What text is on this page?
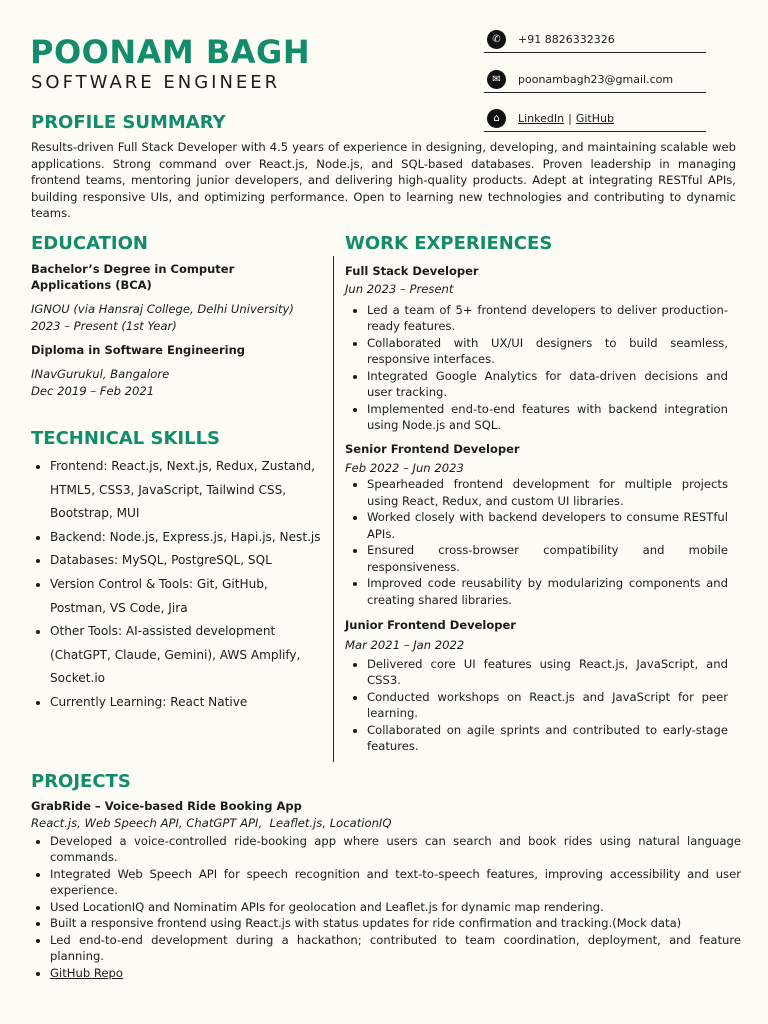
POONAM BAGH
SOFTWARE ENGINEER
✆	+91 8826332326
✉	poonambagh23@gmail.com
⌂	LinkedIn | GitHub
PROFILE SUMMARY
Results-driven Full Stack Developer with 4.5 years of experience in designing, developing, and maintaining scalable web applications. Strong command over React.js, Node.js, and SQL-based databases. Proven leadership in managing frontend teams, mentoring junior developers, and delivering high-quality products. Adept at integrating RESTful APIs, building responsive UIs, and optimizing performance. Open to learning new technologies and contributing to dynamic teams.
EDUCATION
Bachelor’s Degree in Computer Applications (BCA)
IGNOU (via Hansraj College, Delhi University)
2023 – Present (1st Year)
Diploma in Software Engineering
INavGurukul, Bangalore
Dec 2019 – Feb 2021
TECHNICAL SKILLS
• Frontend: React.js, Next.js, Redux, Zustand, HTML5, CSS3, JavaScript, Tailwind CSS, Bootstrap, MUI
• Backend: Node.js, Express.js, Hapi.js, Nest.js
• Databases: MySQL, PostgreSQL, SQL
• Version Control & Tools: Git, GitHub, Postman, VS Code, Jira
• Other Tools: AI-assisted development (ChatGPT, Claude, Gemini), AWS Amplify, Socket.io
• Currently Learning: React Native
WORK EXPERIENCES
Full Stack Developer
Jun 2023 – Present
• Led a team of 5+ frontend developers to deliver production-ready features.
• Collaborated with UX/UI designers to build seamless, responsive interfaces.
• Integrated Google Analytics for data-driven decisions and user tracking.
• Implemented end-to-end features with backend integration using Node.js and SQL.
Senior Frontend Developer
Feb 2022 – Jun 2023
• Spearheaded frontend development for multiple projects using React, Redux, and custom UI libraries.
• Worked closely with backend developers to consume RESTful APIs.
• Ensured cross-browser compatibility and mobile responsiveness.
• Improved code reusability by modularizing components and creating shared libraries.
Junior Frontend Developer
Mar 2021 – Jan 2022
• Delivered core UI features using React.js, JavaScript, and CSS3.
• Conducted workshops on React.js and JavaScript for peer learning.
• Collaborated on agile sprints and contributed to early-stage features.
PROJECTS
GrabRide – Voice-based Ride Booking App
React.js, Web Speech API, ChatGPT API,  Leaflet.js, LocationIQ
• Developed a voice-controlled ride-booking app where users can search and book rides using natural language commands.
• Integrated Web Speech API for speech recognition and text-to-speech features, improving accessibility and user experience.
• Used LocationIQ and Nominatim APIs for geolocation and Leaflet.js for dynamic map rendering.
• Built a responsive frontend using React.js with status updates for ride confirmation and tracking.(Mock data)
• Led end-to-end development during a hackathon; contributed to team coordination, deployment, and feature planning.
• GitHub Repo
